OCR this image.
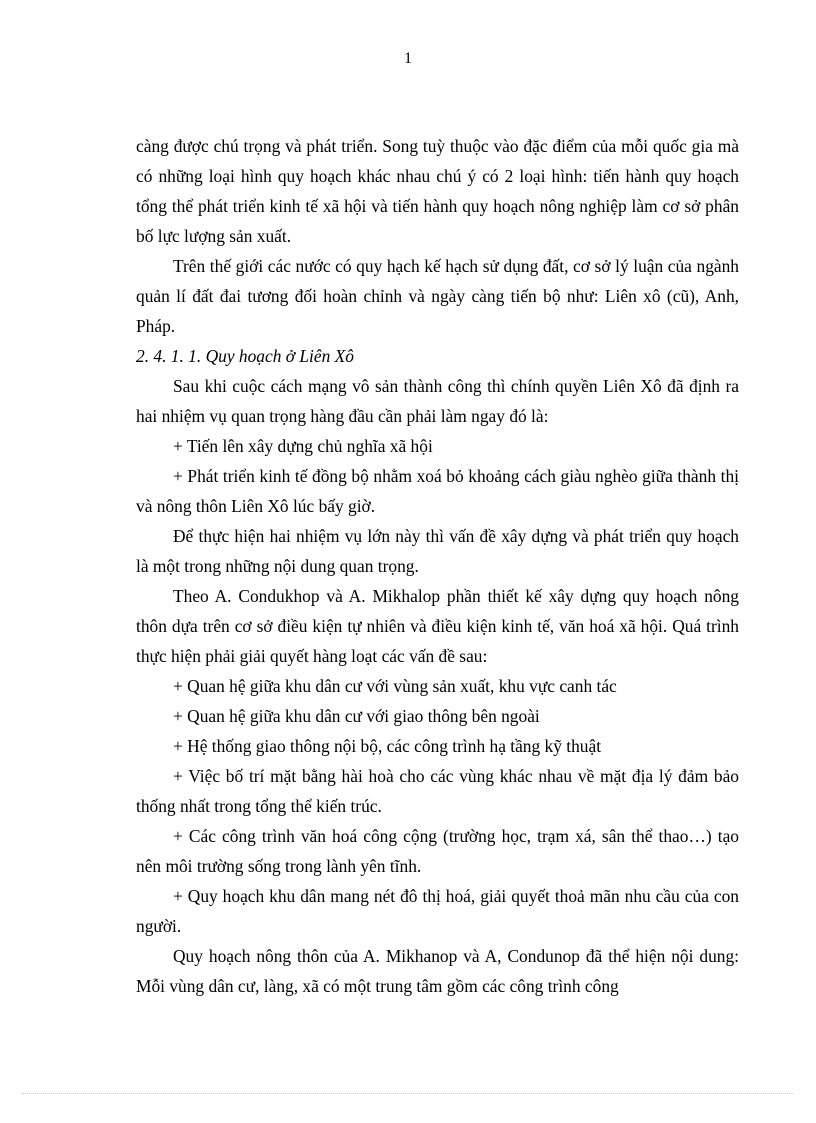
1

càng được chú trọng và phát triển. Song tuỳ thuộc vào đặc điểm của mỗi quốc gia mà có những loại hình quy hoạch khác nhau chú ý có 2 loại hình: tiến hành quy hoạch tổng thể phát triển kinh tế xã hội và tiến hành quy hoạch nông nghiệp làm cơ sở phân bố lực lượng sản xuất.

Trên thế giới các nước có quy hạch kế hạch sử dụng đất, cơ sở lý luận của ngành quản lí đất đai tương đối hoàn chỉnh và ngày càng tiến bộ như: Liên xô (cũ), Anh, Pháp.

2. 4. 1. 1. Quy hoạch ở Liên Xô

Sau khi cuộc cách mạng vô sản thành công thì chính quyền Liên Xô đã định ra hai nhiệm vụ quan trọng hàng đầu cần phải làm ngay đó là:

+ Tiến lên xây dựng chủ nghĩa xã hội

+ Phát triển kinh tế đồng bộ nhằm xoá bỏ khoảng cách giàu nghèo giữa thành thị và nông thôn Liên Xô lúc bấy giờ.

Để thực hiện hai nhiệm vụ lớn này thì vấn đề xây dựng và phát triển quy hoạch là một trong những nội dung quan trọng.

Theo A. Condukhop và A. Mikhalop phần thiết kế xây dựng quy hoạch nông thôn dựa trên cơ sở điều kiện tự nhiên và điều kiện kinh tế, văn hoá xã hội. Quá trình thực hiện phải giải quyết hàng loạt các vấn đề sau:

+ Quan hệ giữa khu dân cư với vùng sản xuất, khu vực canh tác

+ Quan hệ giữa khu dân cư với giao thông bên ngoài

+ Hệ thống giao thông nội bộ, các công trình hạ tầng kỹ thuật

+ Việc bố trí mặt bằng hài hoà cho các vùng khác nhau về mặt địa lý đảm bảo thống nhất trong tổng thể kiến trúc.

+ Các công trình văn hoá công cộng (trường học, trạm xá, sân thể thao…) tạo nên môi trường sống trong lành yên tĩnh.

+ Quy hoạch khu dân mang nét đô thị hoá, giải quyết thoả mãn nhu cầu của con người.

Quy hoạch nông thôn của A. Mikhanop và A, Condunop đã thể hiện nội dung: Mỗi vùng dân cư, làng, xã có một trung tâm gồm các công trình công
